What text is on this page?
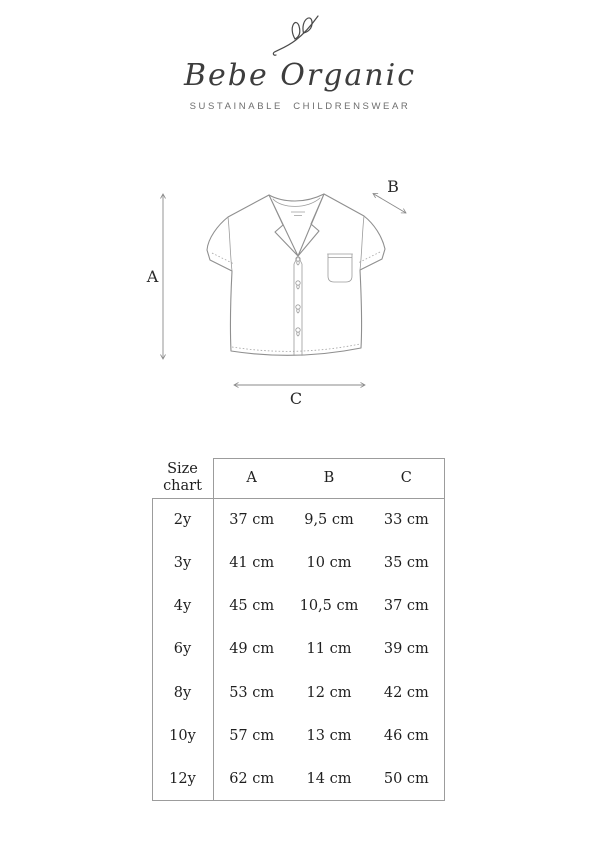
Bebe Organic
SUSTAINABLE CHILDRENSWEAR
A
B
C
Size chart	A	B	C
2y	37 cm	9,5 cm	33 cm
3y	41 cm	10 cm	35 cm
4y	45 cm	10,5 cm	37 cm
6y	49 cm	11 cm	39 cm
8y	53 cm	12 cm	42 cm
10y	57 cm	13 cm	46 cm
12y	62 cm	14 cm	50 cm
